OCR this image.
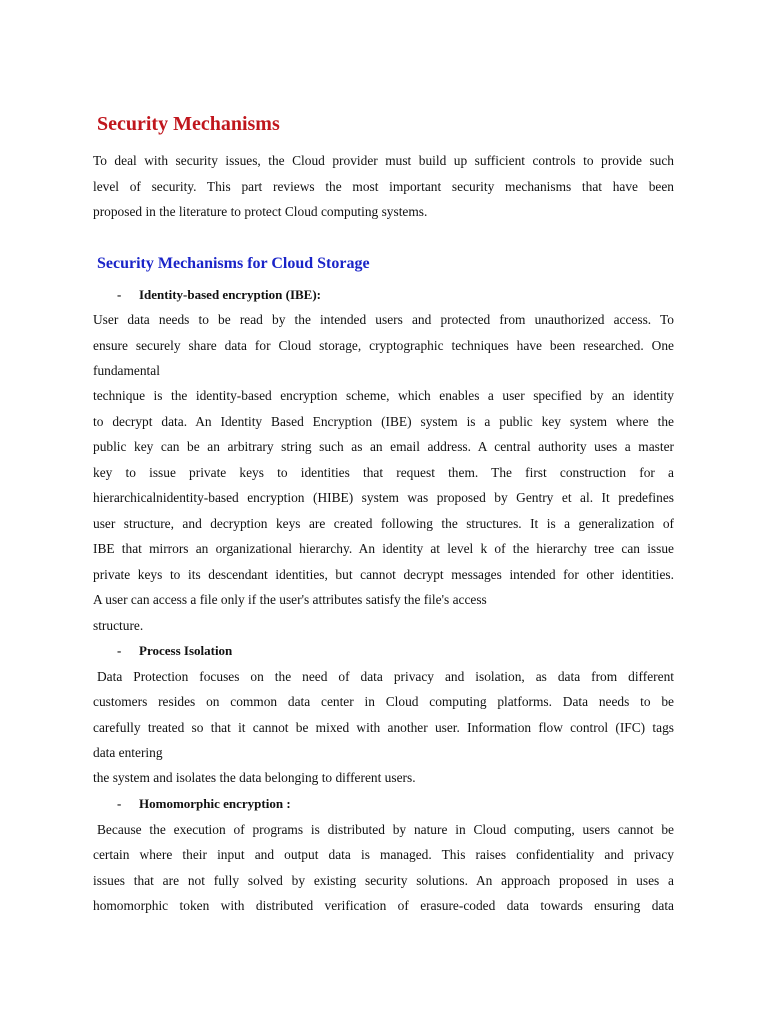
Security Mechanisms
To deal with security issues, the Cloud provider must build up sufficient controls to provide such
level of security. This part reviews the most important security mechanisms that have been
proposed in the literature to protect Cloud computing systems.
Security Mechanisms for Cloud Storage
- Identity-based encryption (IBE):
User data needs to be read by the intended users and protected from unauthorized access. To
ensure securely share data for Cloud storage, cryptographic techniques have been researched. One
fundamental
technique is the identity-based encryption scheme, which enables a user specified by an identity
to decrypt data. An Identity Based Encryption (IBE) system is a public key system where the
public key can be an arbitrary string such as an email address. A central authority uses a master
key to issue private keys to identities that request them. The first construction for a
hierarchicalnidentity-based encryption (HIBE) system was proposed by Gentry et al. It predefines
user structure, and decryption keys are created following the structures. It is a generalization of
IBE that mirrors an organizational hierarchy. An identity at level k of the hierarchy tree can issue
private keys to its descendant identities, but cannot decrypt messages intended for other identities.
A user can access a file only if the user's attributes satisfy the file's access
structure.
- Process Isolation
Data Protection focuses on the need of data privacy and isolation, as data from different
customers resides on common data center in Cloud computing platforms. Data needs to be
carefully treated so that it cannot be mixed with another user. Information flow control (IFC) tags
data entering
the system and isolates the data belonging to different users.
- Homomorphic encryption :
Because the execution of programs is distributed by nature in Cloud computing, users cannot be
certain where their input and output data is managed. This raises confidentiality and privacy
issues that are not fully solved by existing security solutions. An approach proposed in uses a
homomorphic token with distributed verification of erasure-coded data towards ensuring data
